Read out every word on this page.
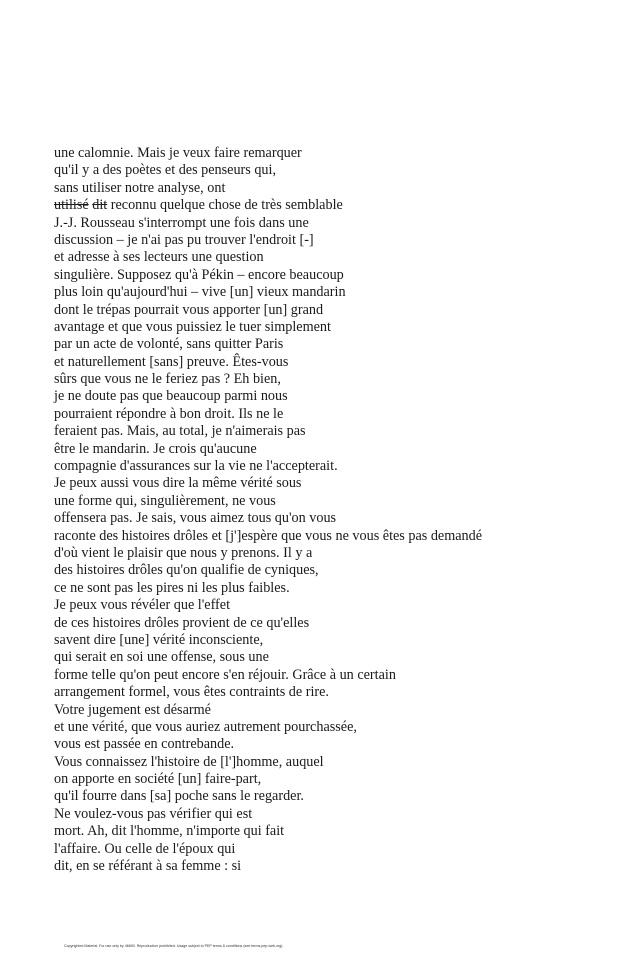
une calomnie. Mais je veux faire remarquer
qu'il y a des poètes et des penseurs qui,
sans utiliser notre analyse, ont
utilisé dit reconnu quelque chose de très semblable
J.-J. Rousseau s'interrompt une fois dans une
discussion – je n'ai pas pu trouver l'endroit [-]
et adresse à ses lecteurs une question
singulière. Supposez qu'à Pékin – encore beaucoup
plus loin qu'aujourd'hui – vive [un] vieux mandarin
dont le trépas pourrait vous apporter [un] grand
avantage et que vous puissiez le tuer simplement
par un acte de volonté, sans quitter Paris
et naturellement [sans] preuve. Êtes-vous
sûrs que vous ne le feriez pas ? Eh bien,
je ne doute pas que beaucoup parmi nous
pourraient répondre à bon droit. Ils ne le
feraient pas. Mais, au total, je n'aimerais pas
être le mandarin. Je crois qu'aucune
compagnie d'assurances sur la vie ne l'accepterait.
Je peux aussi vous dire la même vérité sous
une forme qui, singulièrement, ne vous
offensera pas. Je sais, vous aimez tous qu'on vous
raconte des histoires drôles et [j']espère que vous ne vous êtes pas demandé
d'où vient le plaisir que nous y prenons. Il y a
des histoires drôles qu'on qualifie de cyniques,
ce ne sont pas les pires ni les plus faibles.
Je peux vous révéler que l'effet
de ces histoires drôles provient de ce qu'elles
savent dire [une] vérité inconsciente,
qui serait en soi une offense, sous une
forme telle qu'on peut encore s'en réjouir. Grâce à un certain
arrangement formel, vous êtes contraints de rire.
Votre jugement est désarmé
et une vérité, que vous auriez autrement pourchassée,
vous est passée en contrebande.
Vous connaissez l'histoire de [l']homme, auquel
on apporte en société [un] faire-part,
qu'il fourre dans [sa] poche sans le regarder.
Ne voulez-vous pas vérifier qui est
mort. Ah, dit l'homme, n'importe qui fait
l'affaire. Ou celle de l'époux qui
dit, en se référant à sa femme : si
Copyrighted Material. For use only by 46890. Reproduction prohibited. Usage subject to PEP terms & conditions (see terms.pep-web.org).
